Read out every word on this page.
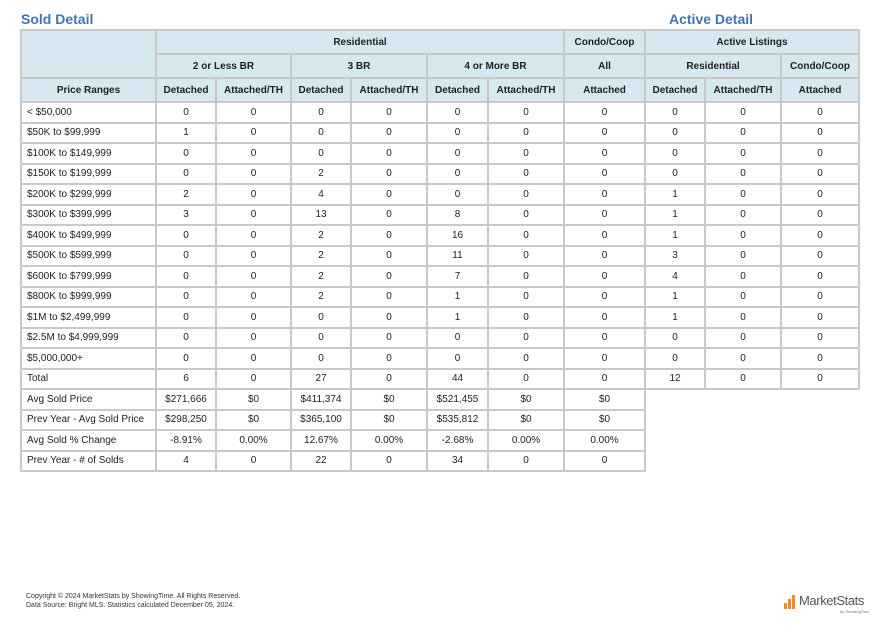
Sold Detail	Active Detail
	Residential						Condo/Coop	Active Listings		
	2 or Less BR		3 BR		4 or More BR		All	Residential		Condo/Coop
Price Ranges	Detached	Attached/TH	Detached	Attached/TH	Detached	Attached/TH	Attached	Detached	Attached/TH	Attached
< $50,000	0	0	0	0	0	0	0	0	0	0
$50K to $99,999	1	0	0	0	0	0	0	0	0	0
$100K to $149,999	0	0	0	0	0	0	0	0	0	0
$150K to $199,999	0	0	2	0	0	0	0	0	0	0
$200K to $299,999	2	0	4	0	0	0	0	1	0	0
$300K to $399,999	3	0	13	0	8	0	0	1	0	0
$400K to $499,999	0	0	2	0	16	0	0	1	0	0
$500K to $599,999	0	0	2	0	11	0	0	3	0	0
$600K to $799,999	0	0	2	0	7	0	0	4	0	0
$800K to $999,999	0	0	2	0	1	0	0	1	0	0
$1M to $2,499,999	0	0	0	0	1	0	0	1	0	0
$2.5M to $4,999,999	0	0	0	0	0	0	0	0	0	0
$5,000,000+	0	0	0	0	0	0	0	0	0	0
Total	6	0	27	0	44	0	0	12	0	0
Avg Sold Price	$271,666	$0	$411,374	$0	$521,455	$0	$0			
Prev Year - Avg Sold Price	$298,250	$0	$365,100	$0	$535,812	$0	$0			
Avg Sold % Change	-8.91%	0.00%	12.67%	0.00%	-2.68%	0.00%	0.00%			
Prev Year - # of Solds	4	0	22	0	34	0	0			
Copyright © 2024 MarketStats by ShowingTime. All Rights Reserved.
Data Source: Bright MLS. Statistics calculated December 05, 2024.	MarketStats
by ShowingTime
